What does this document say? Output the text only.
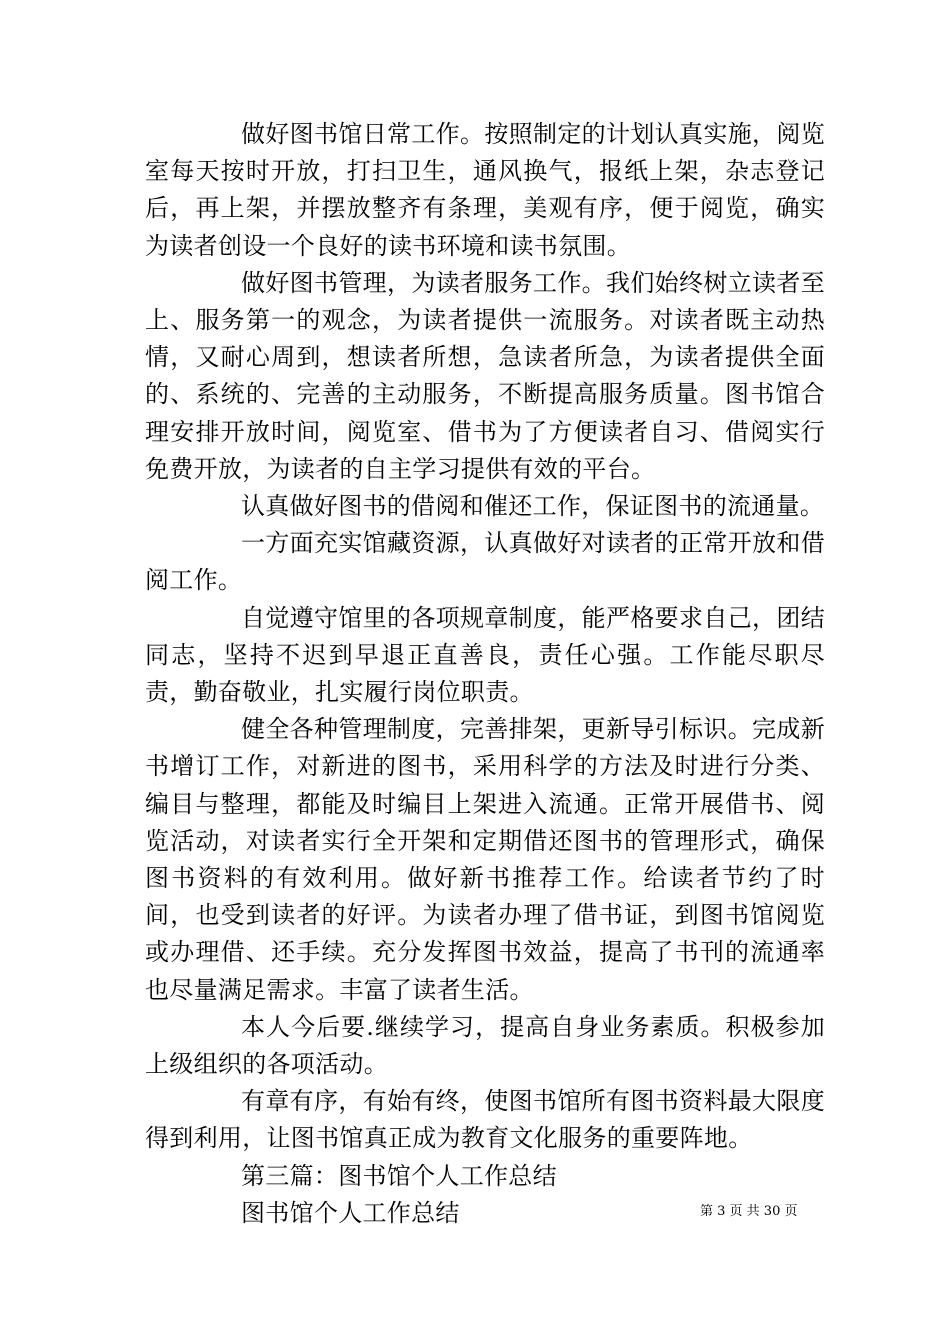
做好图书馆日常工作。按照制定的计划认真实施，阅览室每天按时开放，打扫卫生，通风换气，报纸上架，杂志登记后，再上架，并摆放整齐有条理，美观有序，便于阅览，确实为读者创设一个良好的读书环境和读书氛围。

做好图书管理，为读者服务工作。我们始终树立读者至上、服务第一的观念，为读者提供一流服务。对读者既主动热情，又耐心周到，想读者所想，急读者所急，为读者提供全面的、系统的、完善的主动服务，不断提高服务质量。图书馆合理安排开放时间，阅览室、借书为了方便读者自习、借阅实行免费开放，为读者的自主学习提供有效的平台。

认真做好图书的借阅和催还工作，保证图书的流通量。

一方面充实馆藏资源，认真做好对读者的正常开放和借阅工作。

自觉遵守馆里的各项规章制度，能严格要求自己，团结同志，坚持不迟到早退正直善良，责任心强。工作能尽职尽责，勤奋敬业，扎实履行岗位职责。

健全各种管理制度，完善排架，更新导引标识。完成新书增订工作，对新进的图书，采用科学的方法及时进行分类、编目与整理，都能及时编目上架进入流通。正常开展借书、阅览活动，对读者实行全开架和定期借还图书的管理形式，确保图书资料的有效利用。做好新书推荐工作。给读者节约了时间，也受到读者的好评。为读者办理了借书证，到图书馆阅览或办理借、还手续。充分发挥图书效益，提高了书刊的流通率也尽量满足需求。丰富了读者生活。

本人今后要.继续学习，提高自身业务素质。积极参加上级组织的各项活动。

有章有序，有始有终，使图书馆所有图书资料最大限度得到利用，让图书馆真正成为教育文化服务的重要阵地。

第三篇：图书馆个人工作总结

图书馆个人工作总结	第 3 页 共 30 页
